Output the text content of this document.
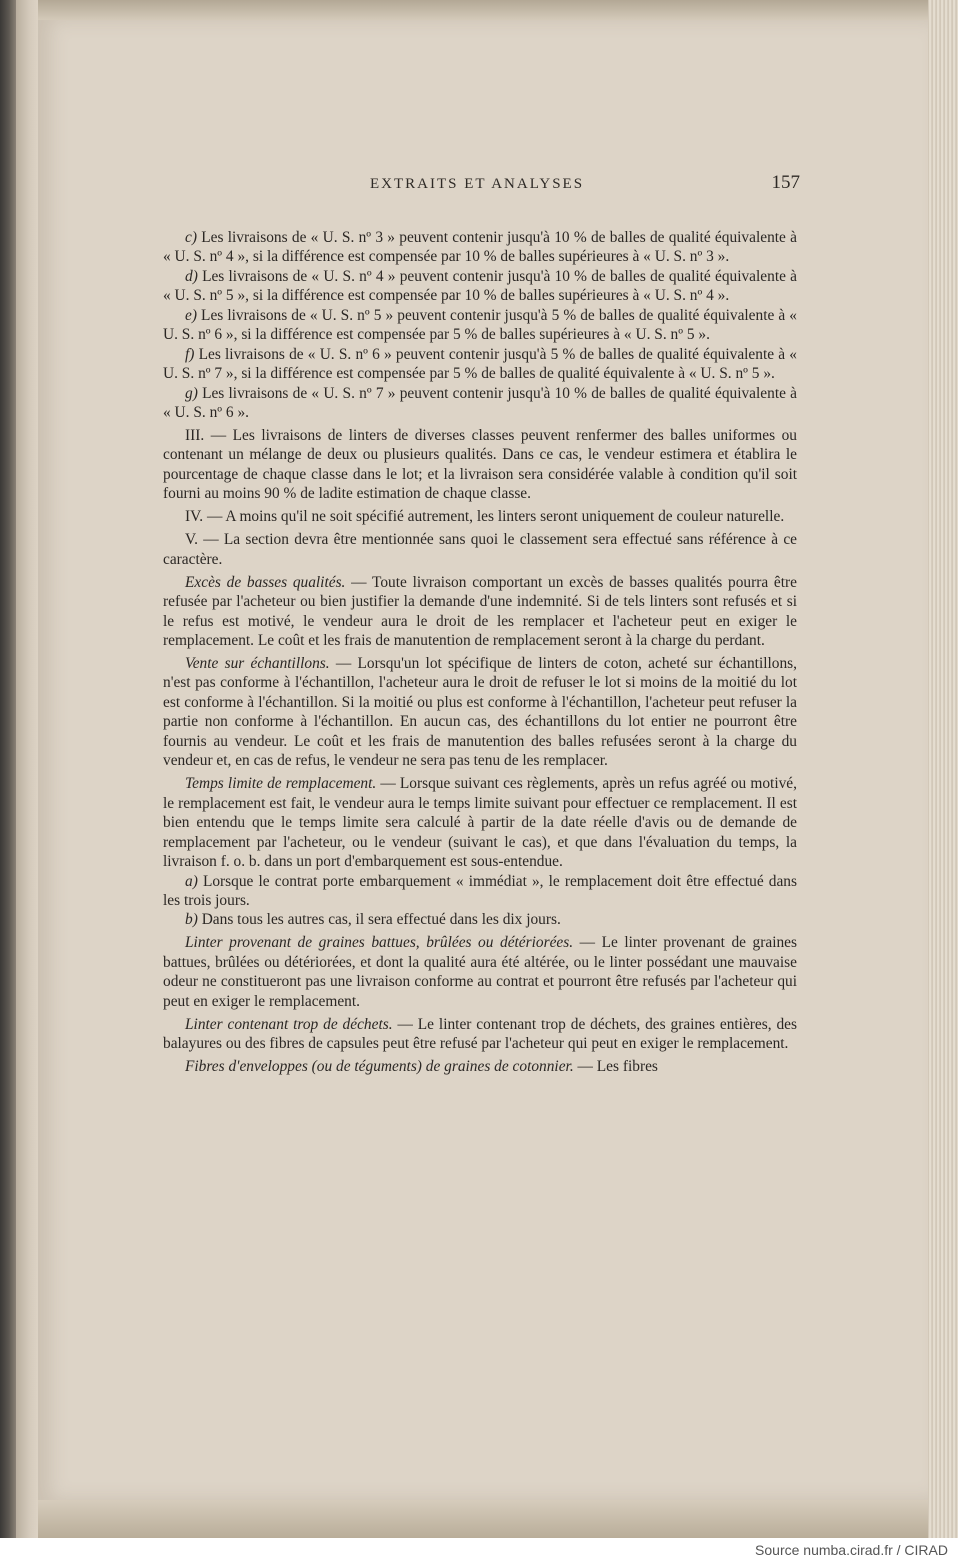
EXTRAITS ET ANALYSES	157

c) Les livraisons de « U. S. nº 3 » peuvent contenir jusqu'à 10 % de balles de qualité équivalente à « U. S. nº 4 », si la différence est compensée par 10 % de balles supérieures à « U. S. nº 3 ».

d) Les livraisons de « U. S. nº 4 » peuvent contenir jusqu'à 10 % de balles de qualité équivalente à « U. S. nº 5 », si la différence est compensée par 10 % de balles supérieures à « U. S. nº 4 ».

e) Les livraisons de « U. S. nº 5 » peuvent contenir jusqu'à 5 % de balles de qualité équivalente à « U. S. nº 6 », si la différence est compensée par 5 % de balles supérieures à « U. S. nº 5 ».

f) Les livraisons de « U. S. nº 6 » peuvent contenir jusqu'à 5 % de balles de qualité équivalente à « U. S. nº 7 », si la différence est compensée par 5 % de balles de qualité équivalente à « U. S. nº 5 ».

g) Les livraisons de « U. S. nº 7 » peuvent contenir jusqu'à 10 % de balles de qualité équivalente à « U. S. nº 6 ».

III. — Les livraisons de linters de diverses classes peuvent renfermer des balles uniformes ou contenant un mélange de deux ou plusieurs qualités. Dans ce cas, le vendeur estimera et établira le pourcentage de chaque classe dans le lot; et la livraison sera considérée valable à condition qu'il soit fourni au moins 90 % de ladite estimation de chaque classe.

IV. — A moins qu'il ne soit spécifié autrement, les linters seront uniquement de couleur naturelle.

V. — La section devra être mentionnée sans quoi le classement sera effectué sans référence à ce caractère.

Excès de basses qualités. — Toute livraison comportant un excès de basses qualités pourra être refusée par l'acheteur ou bien justifier la demande d'une indemnité. Si de tels linters sont refusés et si le refus est motivé, le vendeur aura le droit de les remplacer et l'acheteur peut en exiger le remplacement. Le coût et les frais de manutention de remplacement seront à la charge du perdant.

Vente sur échantillons. — Lorsqu'un lot spécifique de linters de coton, acheté sur échantillons, n'est pas conforme à l'échantillon, l'acheteur aura le droit de refuser le lot si moins de la moitié du lot est conforme à l'échantillon. Si la moitié ou plus est conforme à l'échantillon, l'acheteur peut refuser la partie non conforme à l'échantillon. En aucun cas, des échantillons du lot entier ne pourront être fournis au vendeur. Le coût et les frais de manutention des balles refusées seront à la charge du vendeur et, en cas de refus, le vendeur ne sera pas tenu de les remplacer.

Temps limite de remplacement. — Lorsque suivant ces règlements, après un refus agréé ou motivé, le remplacement est fait, le vendeur aura le temps limite suivant pour effectuer ce remplacement. Il est bien entendu que le temps limite sera calculé à partir de la date réelle d'avis ou de demande de remplacement par l'acheteur, ou le vendeur (suivant le cas), et que dans l'évaluation du temps, la livraison f. o. b. dans un port d'embarquement est sous-entendue.

a) Lorsque le contrat porte embarquement « immédiat », le remplacement doit être effectué dans les trois jours.

b) Dans tous les autres cas, il sera effectué dans les dix jours.

Linter provenant de graines battues, brûlées ou détériorées. — Le linter provenant de graines battues, brûlées ou détériorées, et dont la qualité aura été altérée, ou le linter possédant une mauvaise odeur ne constitueront pas une livraison conforme au contrat et pourront être refusés par l'acheteur qui peut en exiger le remplacement.

Linter contenant trop de déchets. — Le linter contenant trop de déchets, des graines entières, des balayures ou des fibres de capsules peut être refusé par l'acheteur qui peut en exiger le remplacement.

Fibres d'enveloppes (ou de téguments) de graines de cotonnier. — Les fibres

Source numba.cirad.fr / CIRAD
